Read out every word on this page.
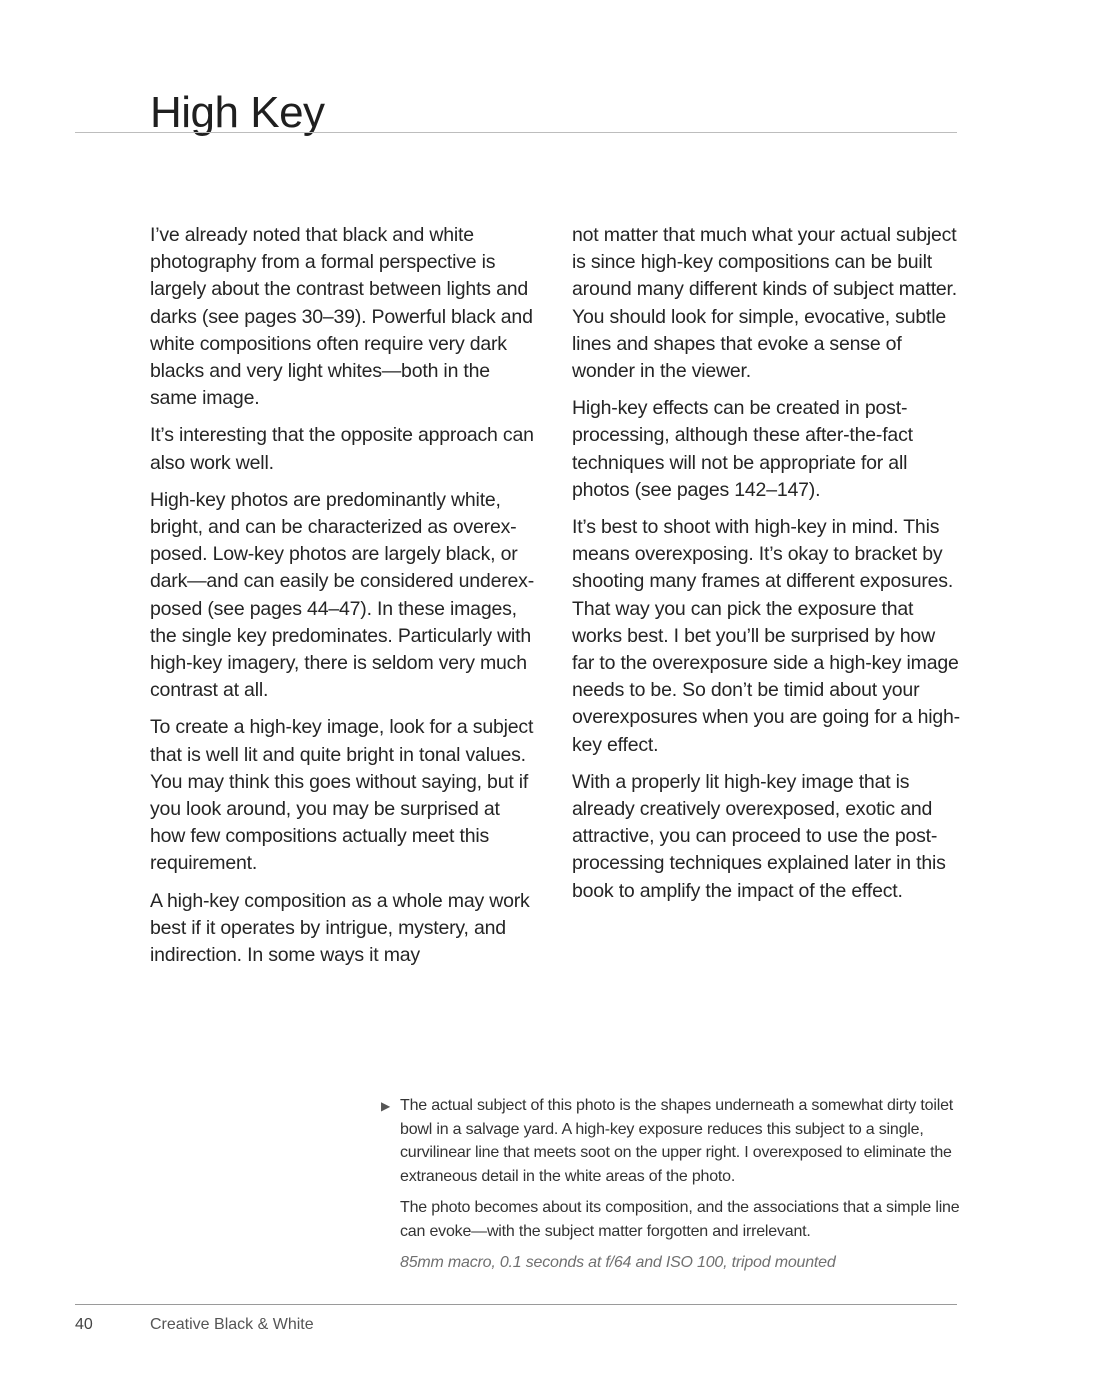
High Key

I’ve already noted that black and white photography from a formal perspective is largely about the contrast between lights and darks (see pages 30–39). Powerful black and white compositions often require very dark blacks and very light whites—both in the same image.

It’s interesting that the opposite approach can also work well.

High-key photos are predominantly white, bright, and can be characterized as overexposed. Low-key photos are largely black, or dark—and can easily be considered underexposed (see pages 44–47). In these images, the single key predominates. Particularly with high-key imagery, there is seldom very much contrast at all.

To create a high-key image, look for a subject that is well lit and quite bright in tonal values. You may think this goes without saying, but if you look around, you may be surprised at how few compositions actually meet this requirement.

A high-key composition as a whole may work best if it operates by intrigue, mystery, and indirection. In some ways it may

not matter that much what your actual subject is since high-key compositions can be built around many different kinds of subject matter. You should look for simple, evocative, subtle lines and shapes that evoke a sense of wonder in the viewer.

High-key effects can be created in post-processing, although these after-the-fact techniques will not be appropriate for all photos (see pages 142–147).

It’s best to shoot with high-key in mind. This means overexposing. It’s okay to bracket by shooting many frames at different exposures. That way you can pick the exposure that works best. I bet you’ll be surprised by how far to the overexposure side a high-key image needs to be. So don’t be timid about your overexposures when you are going for a high-key effect.

With a properly lit high-key image that is already creatively overexposed, exotic and attractive, you can proceed to use the post-processing techniques explained later in this book to amplify the impact of the effect.

▶ The actual subject of this photo is the shapes underneath a somewhat dirty toilet bowl in a salvage yard. A high-key exposure reduces this subject to a single, curvilinear line that meets soot on the upper right. I overexposed to eliminate the extraneous detail in the white areas of the photo.

The photo becomes about its composition, and the associations that a simple line can evoke—with the subject matter forgotten and irrelevant.

85mm macro, 0.1 seconds at f/64 and ISO 100, tripod mounted

40	Creative Black & White
